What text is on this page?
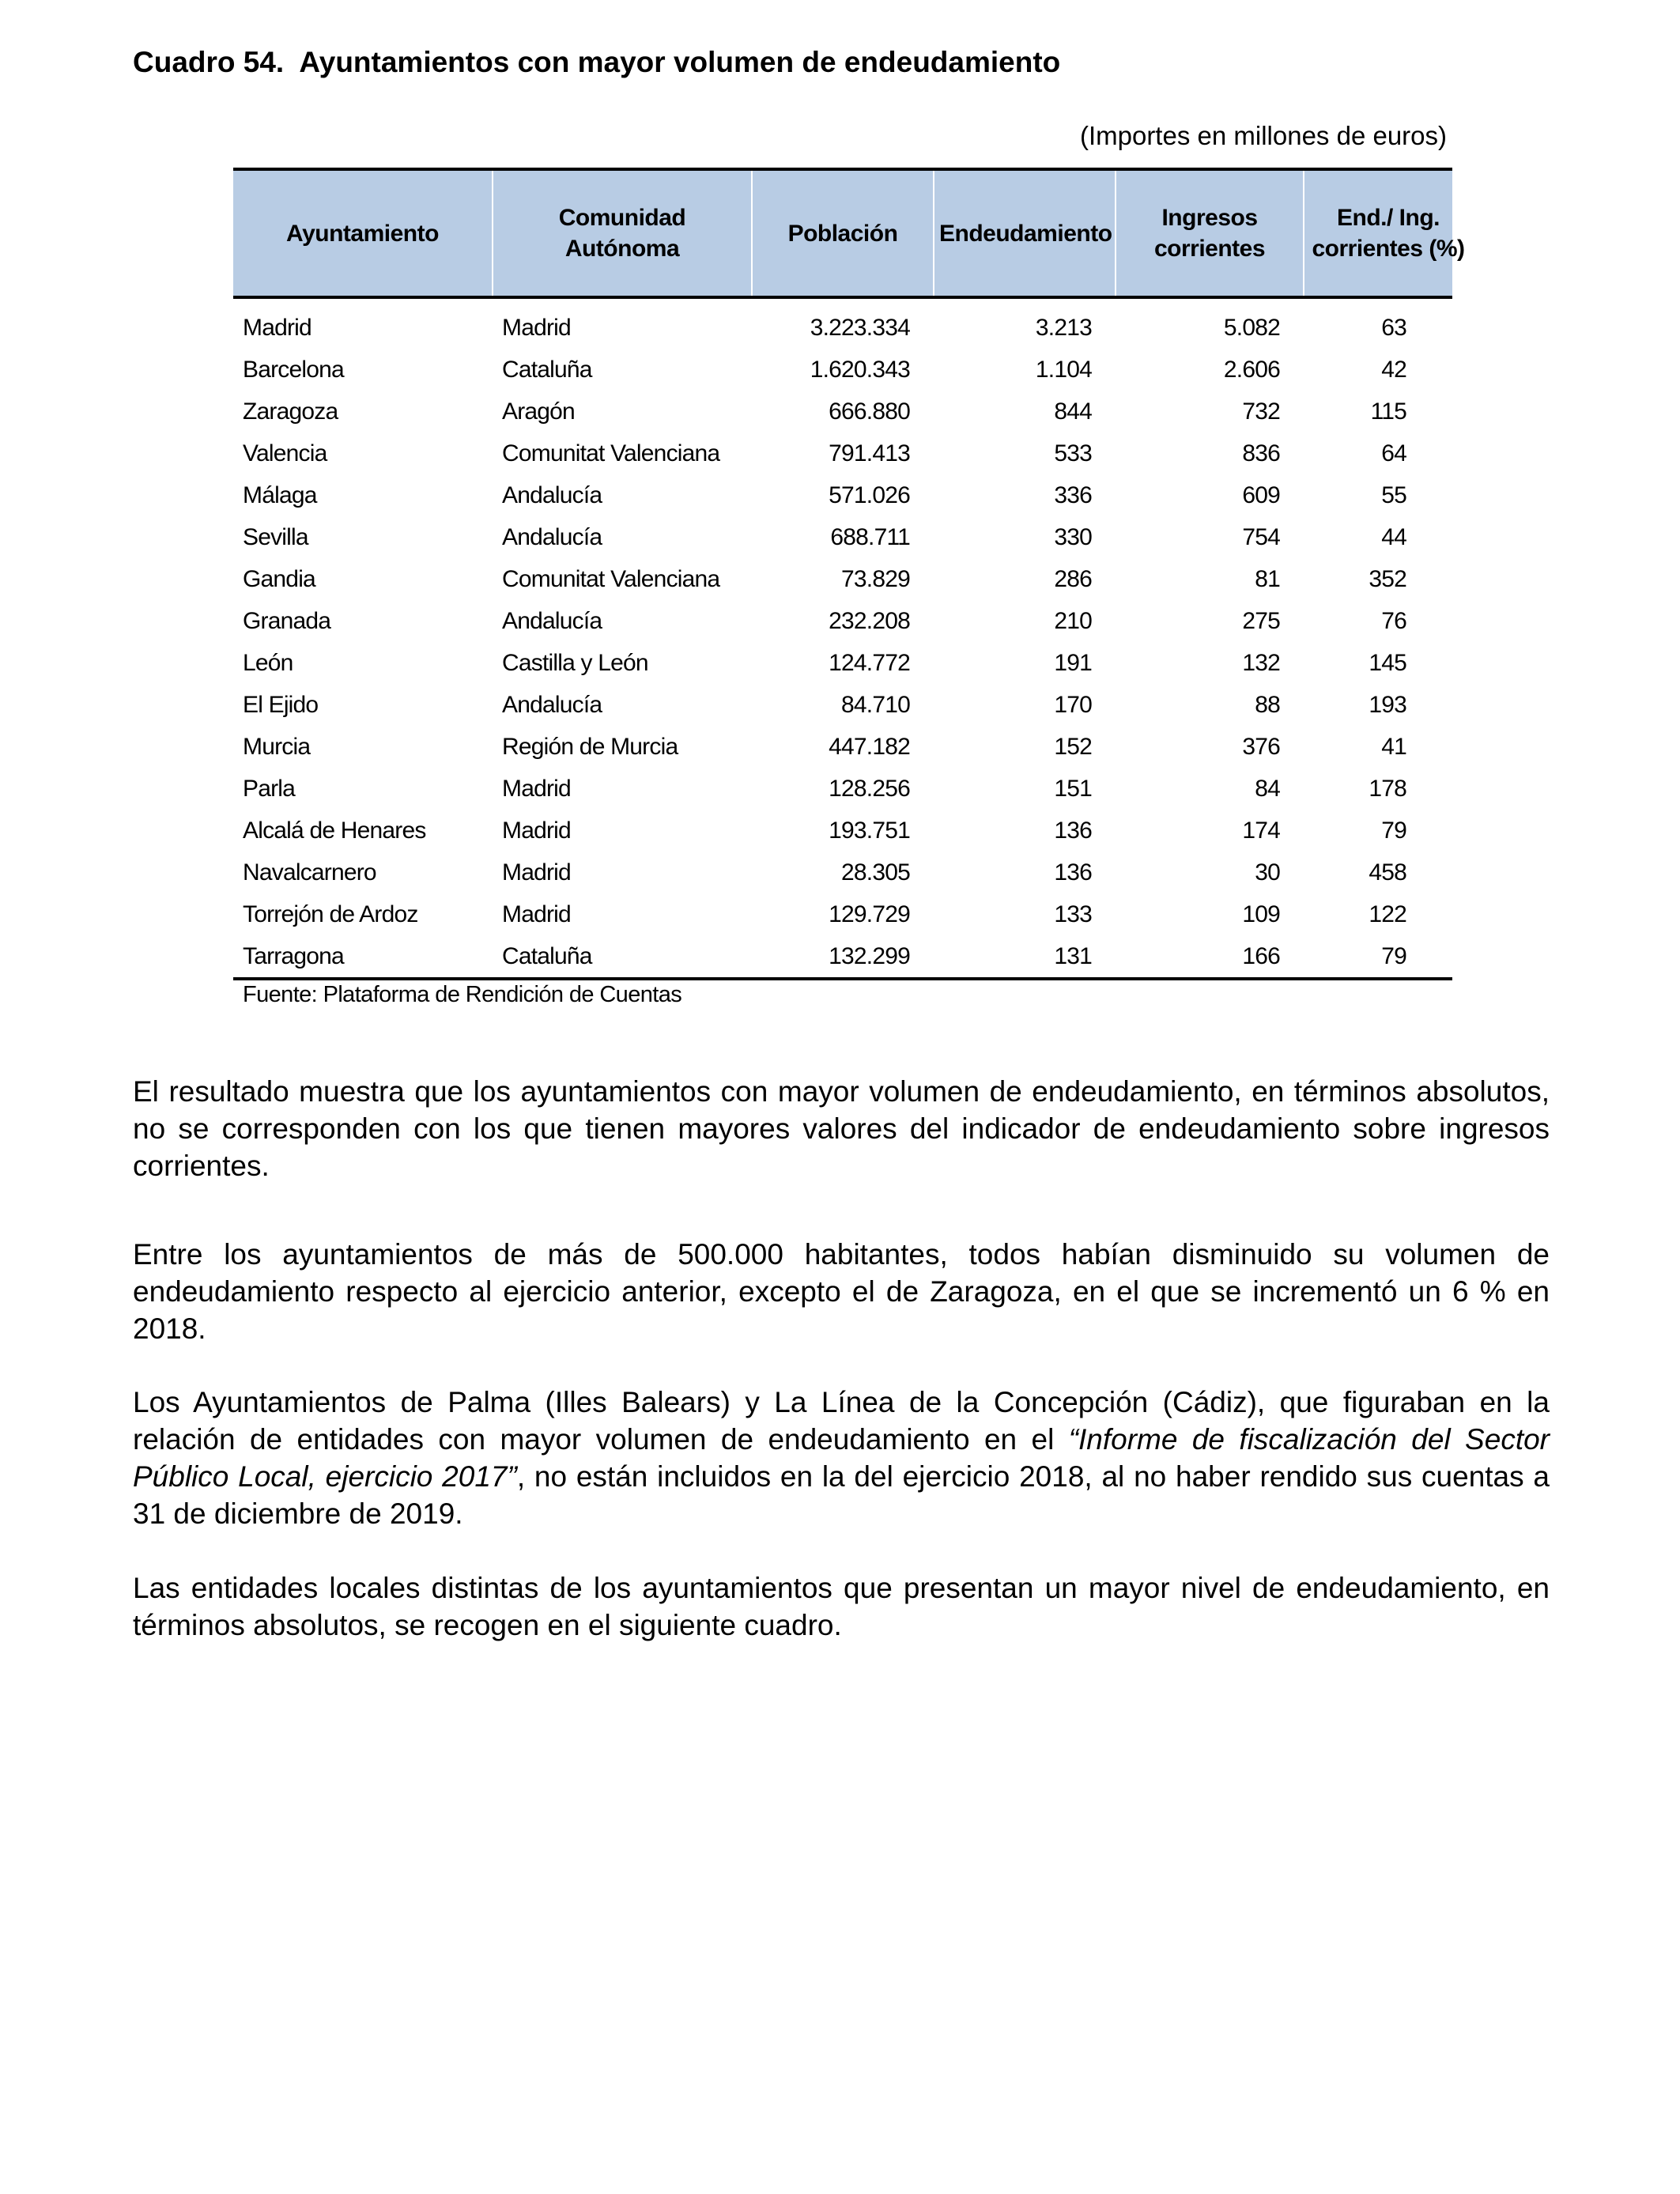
Cuadro 54.  Ayuntamientos con mayor volumen de endeudamiento
(Importes en millones de euros)
Ayuntamiento	Comunidad Autónoma	Población	Endeudamiento	Ingresos corrientes	End./ Ing. corrientes (%)

Madrid	Madrid	3.223.334	3.213	5.082	63
Barcelona	Cataluña	1.620.343	1.104	2.606	42
Zaragoza	Aragón	666.880	844	732	115
Valencia	Comunitat Valenciana	791.413	533	836	64
Málaga	Andalucía	571.026	336	609	55
Sevilla	Andalucía	688.711	330	754	44
Gandia	Comunitat Valenciana	73.829	286	81	352
Granada	Andalucía	232.208	210	275	76
León	Castilla y León	124.772	191	132	145
El Ejido	Andalucía	84.710	170	88	193
Murcia	Región de Murcia	447.182	152	376	41
Parla	Madrid	128.256	151	84	178
Alcalá de Henares	Madrid	193.751	136	174	79
Navalcarnero	Madrid	28.305	136	30	458
Torrejón de Ardoz	Madrid	129.729	133	109	122
Tarragona	Cataluña	132.299	131	166	79
Fuente: Plataforma de Rendición de Cuentas
El resultado muestra que los ayuntamientos con mayor volumen de endeudamiento, en términos absolutos, no se corresponden con los que tienen mayores valores del indicador de endeudamiento sobre ingresos corrientes.
Entre los ayuntamientos de más de 500.000 habitantes, todos habían disminuido su volumen de endeudamiento respecto al ejercicio anterior, excepto el de Zaragoza, en el que se incrementó un 6 % en 2018.
Los Ayuntamientos de Palma (Illes Balears) y La Línea de la Concepción (Cádiz), que figuraban en la relación de entidades con mayor volumen de endeudamiento en el “Informe de fiscalización del Sector Público Local, ejercicio 2017”, no están incluidos en la del ejercicio 2018, al no haber rendido sus cuentas a 31 de diciembre de 2019.
Las entidades locales distintas de los ayuntamientos que presentan un mayor nivel de endeudamiento, en términos absolutos, se recogen en el siguiente cuadro.
